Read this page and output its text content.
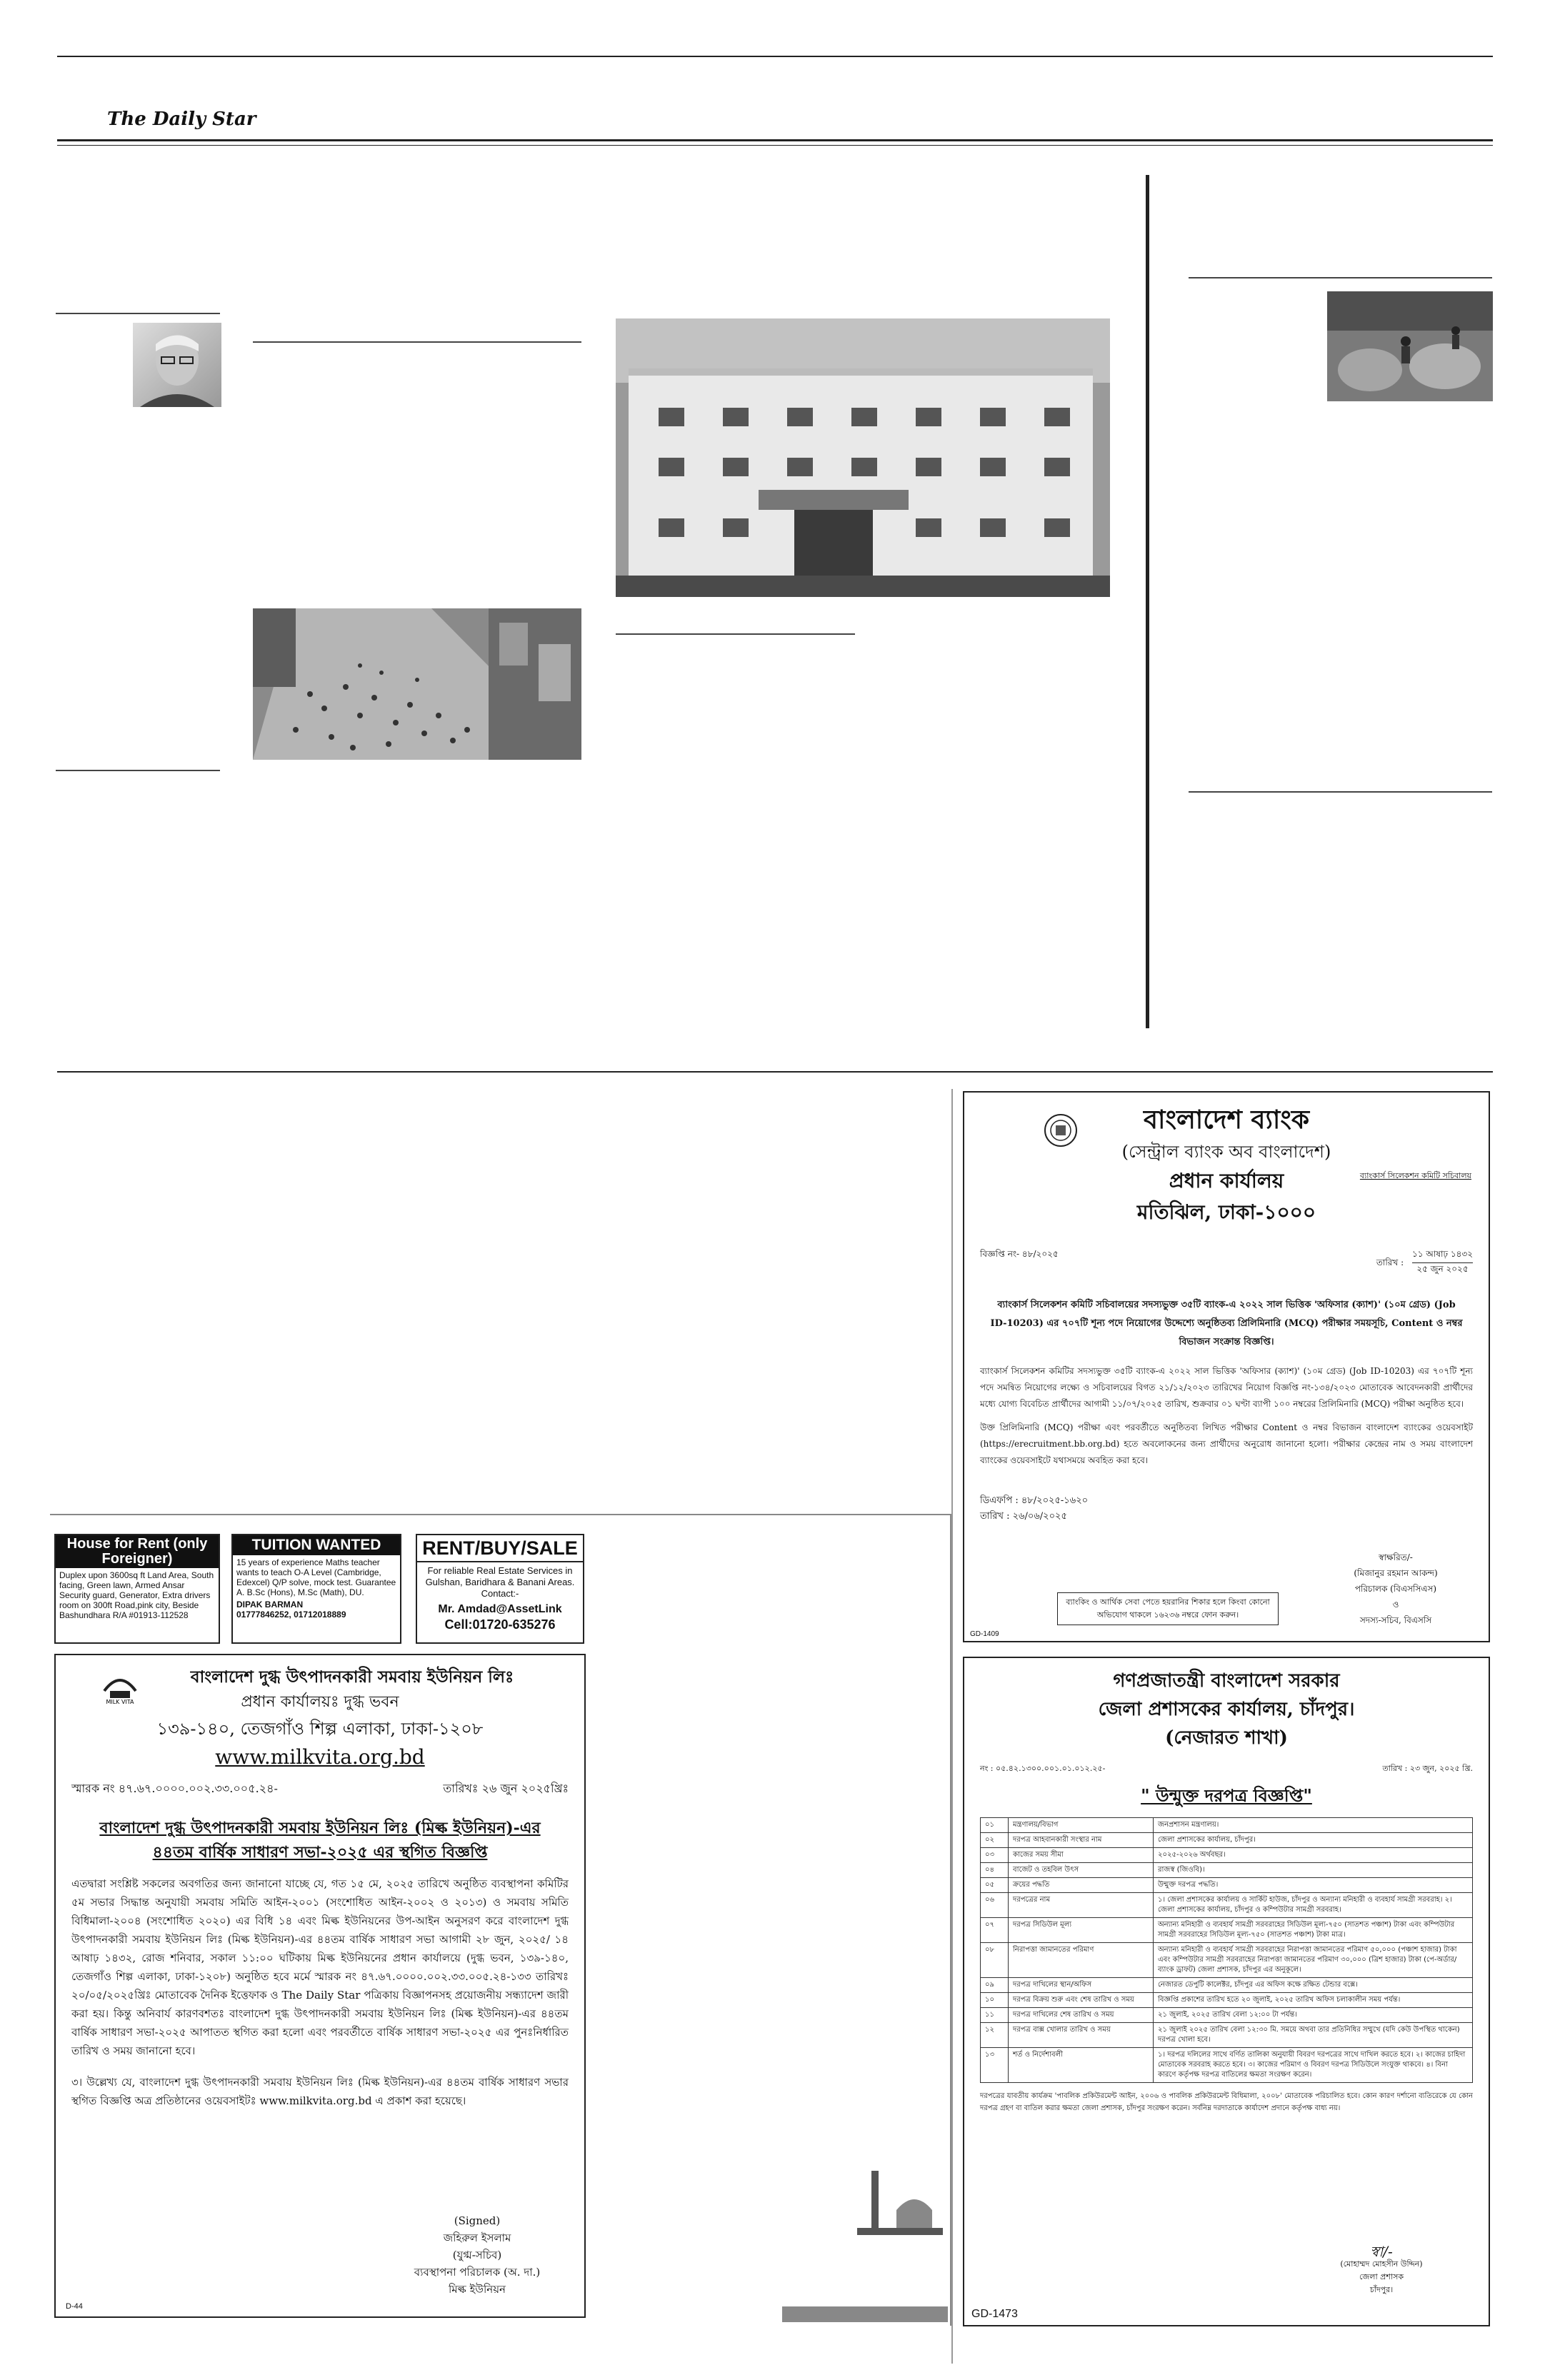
The Daily Star
House for Rent (only Foreigner)
Duplex upon 3600sq ft Land Area, South facing, Green lawn, Armed Ansar Security guard, Generator, Extra drivers room on 300ft Road,pink city, Beside Bashundhara R/A #01913-112528
TUITION WANTED
15 years of experience Maths teacher wants to teach O-A Level (Cambridge, Edexcel) Q/P solve, mock test. Guarantee A. B.Sc (Hons), M.Sc (Math), DU.
DIPAK BARMAN
01777846252, 01712018889
RENT/BUY/SALE
For reliable Real Estate Services in Gulshan, Baridhara & Banani Areas. Contact:-
Mr. Amdad@AssetLink
Cell:01720-635276
MILK VITA
বাংলাদেশ দুগ্ধ উৎপাদনকারী সমবায় ইউনিয়ন লিঃ
প্রধান কার্যালয়ঃ দুগ্ধ ভবন
১৩৯-১৪০, তেজগাঁও শিল্প এলাকা, ঢাকা-১২০৮
www.milkvita.org.bd
স্মারক নং ৪৭.৬৭.০০০০.০০২.৩৩.০০৫.২৪-	তারিখঃ ২৬ জুন ২০২৫খ্রিঃ
বাংলাদেশ দুগ্ধ উৎপাদনকারী সমবায় ইউনিয়ন লিঃ (মিল্ক ইউনিয়ন)-এর
৪৪তম বার্ষিক সাধারণ সভা-২০২৫ এর স্থগিত বিজ্ঞপ্তি
এতদ্বারা সংশ্লিষ্ট সকলের অবগতির জন্য জানানো যাচ্ছে যে, গত ১৫ মে, ২০২৫ তারিখে অনুষ্ঠিত ব্যবস্থাপনা কমিটির ৫ম সভার সিদ্ধান্ত অনুযায়ী সমবায় সমিতি আইন-২০০১ (সংশোধিত আইন-২০০২ ও ২০১৩) ও সমবায় সমিতি বিধিমালা-২০০৪ (সংশোধিত ২০২০) এর বিধি ১৪ এবং মিল্ক ইউনিয়নের উপ-আইন অনুসরণ করে বাংলাদেশ দুগ্ধ উৎপাদনকারী সমবায় ইউনিয়ন লিঃ (মিল্ক ইউনিয়ন)-এর ৪৪তম বার্ষিক সাধারণ সভা আগামী ২৮ জুন, ২০২৫/ ১৪ আষাঢ় ১৪৩২, রোজ শনিবার, সকাল ১১:০০ ঘটিকায় মিল্ক ইউনিয়নের প্রধান কার্যালয়ে (দুগ্ধ ভবন, ১৩৯-১৪০, তেজগাঁও শিল্প এলাকা, ঢাকা-১২০৮) অনুষ্ঠিত হবে মর্মে স্মারক নং ৪৭.৬৭.০০০০.০০২.৩৩.০০৫.২৪-১৩৩ তারিখঃ ২০/০৫/২০২৫খ্রিঃ মোতাবেক দৈনিক ইত্তেফাক ও The Daily Star পত্রিকায় বিজ্ঞাপনসহ প্রয়োজনীয় সন্ধ্যাদেশ জারী করা হয়। কিন্তু অনিবার্য কারণবশতঃ বাংলাদেশ দুগ্ধ উৎপাদনকারী সমবায় ইউনিয়ন লিঃ (মিল্ক ইউনিয়ন)-এর ৪৪তম বার্ষিক সাধারণ সভা-২০২৫ আপাতত স্থগিত করা হলো এবং পরবর্তীতে বার্ষিক সাধারণ সভা-২০২৫ এর পুনঃনির্ধারিত তারিখ ও সময় জানানো হবে।
৩। উল্লেখ্য যে, বাংলাদেশ দুগ্ধ উৎপাদনকারী সমবায় ইউনিয়ন লিঃ (মিল্ক ইউনিয়ন)-এর ৪৪তম বার্ষিক সাধারণ সভার স্থগিত বিজ্ঞপ্তি অত্র প্রতিষ্ঠানের ওয়েবসাইটঃ www.milkvita.org.bd এ প্রকাশ করা হয়েছে।
(Signed)
জহিরুল ইসলাম
(যুগ্ম-সচিব)
ব্যবস্থাপনা পরিচালক (অ. দা.)
মিল্ক ইউনিয়ন
D-44
বাংলাদেশ ব্যাংক
(সেন্ট্রাল ব্যাংক অব বাংলাদেশ)
প্রধান কার্যালয়
মতিঝিল, ঢাকা-১০০০
ব্যাংকার্স সিলেকশন কমিটি সচিবালয়
বিজ্ঞপ্তি নং- ৪৮/২০২৫
তারিখ :
১১ আষাঢ় ১৪৩২
২৫ জুন ২০২৫
ব্যাংকার্স সিলেকশন কমিটি সচিবালয়ের সদস্যভুক্ত ৩৫টি ব্যাংক-এ ২০২২ সাল ভিত্তিক 'অফিসার (ক্যাশ)' (১০ম গ্রেড) (Job ID-10203) এর ৭০৭টি শূন্য পদে নিয়োগের উদ্দেশ্যে অনুষ্ঠিতব্য প্রিলিমিনারি (MCQ) পরীক্ষার সময়সূচি, Content ও নম্বর বিভাজন সংক্রান্ত বিজ্ঞপ্তি।
ব্যাংকার্স সিলেকশন কমিটির সদস্যভুক্ত ৩৫টি ব্যাংক-এ ২০২২ সাল ভিত্তিক 'অফিসার (ক্যাশ)' (১০ম গ্রেড) (Job ID-10203) এর ৭০৭টি শূন্য পদে সমন্বিত নিয়োগের লক্ষ্যে ও সচিবালয়ের বিগত ২১/১২/২০২৩ তারিখের নিয়োগ বিজ্ঞপ্তি নং-১৩৪/২০২৩ মোতাবেক আবেদনকারী প্রার্থীদের মধ্যে যোগ্য বিবেচিত প্রার্থীদের আগামী ১১/০৭/২০২৫ তারিখ, শুক্রবার ০১ ঘণ্টা ব্যাপী ১০০ নম্বরের প্রিলিমিনারি (MCQ) পরীক্ষা অনুষ্ঠিত হবে।
উক্ত প্রিলিমিনারি (MCQ) পরীক্ষা এবং পরবর্তীতে অনুষ্ঠিতব্য লিখিত পরীক্ষার Content ও নম্বর বিভাজন বাংলাদেশ ব্যাংকের ওয়েবসাইট (https://erecruitment.bb.org.bd) হতে অবলোকনের জন্য প্রার্থীদের অনুরোধ জানানো হলো। পরীক্ষার কেন্দ্রের নাম ও সময় বাংলাদেশ ব্যাংকের ওয়েবসাইটে যথাসময়ে অবহিত করা হবে।
ডিএফপি : ৪৮/২০২৫-১৬২০
তারিখ : ২৬/০৬/২০২৫
স্বাক্ষরিত/-
(মিজানুর রহমান আকন্দ)
পরিচালক (বিএসসিএস)
ও
সদস্য-সচিব, বিএসসি
ব্যাংকিং ও আর্থিক সেবা পেতে হয়রানির শিকার হলে কিংবা কোনো অভিযোগ থাকলে ১৬২৩৬ নম্বরে ফোন করুন।
GD-1409
গণপ্রজাতন্ত্রী বাংলাদেশ সরকার
জেলা প্রশাসকের কার্যালয়, চাঁদপুর।
(নেজারত শাখা)
নং : ০৫.৪২.১৩০০.০০১.০১.০১২.২৫-	তারিখ : ২৩ জুন, ২০২৫ খ্রি.
" উন্মুক্ত দরপত্র বিজ্ঞপ্তি"
০১	মন্ত্রণালয়/বিভাগ	জনপ্রশাসন মন্ত্রণালয়।
০২	দরপত্র আহবানকারী সংস্থার নাম	জেলা প্রশাসকের কার্যালয়, চাঁদপুর।
০৩	কাজের সময় সীমা	২০২৫-২০২৬ অর্থবছর।
০৪	বাজেট ও তহবিল উৎস	রাজস্ব (জিওবি)।
০৫	ক্রয়ের পদ্ধতি	উন্মুক্ত দরপত্র পদ্ধতি।
০৬	দরপত্রের নাম	১। জেলা প্রশাসকের কার্যালয় ও সার্কিট হাউজ, চাঁদপুর ও অন্যান্য মনিহারী ও ব্যবহার্য সামগ্রী সরবরাহ। ২। জেলা প্রশাসকের কার্যালয়, চাঁদপুর ও কম্পিউটার সামগ্রী সরবরাহ।
০৭	দরপত্র সিডিউল মূল্য	অন্যান্য মনিহারী ও ব্যবহার্য সামগ্রী সরবরাহের সিডিউল মূল্য-৭৫০ (সাতশত পঞ্চাশ) টাকা এবং কম্পিউটার সামগ্রী সরবরাহের সিডিউল মূল্য-৭৫০ (সাতশত পঞ্চাশ) টাকা মাত্র।
০৮	নিরাপত্তা জামানতের পরিমাণ	অন্যান্য মনিহারী ও ব্যবহার্য সামগ্রী সরবরাহের নিরাপত্তা জামানতের পরিমাণ ৫০,০০০ (পঞ্চাশ হাজার) টাকা এবং কম্পিউটার সামগ্রী সরবরাহের নিরাপত্তা জামানতের পরিমাণ ৩০,০০০ (ত্রিশ হাজার) টাকা (পে-অর্ডার/ ব্যাংক ড্রাফট) জেলা প্রশাসক, চাঁদপুর এর অনুকূলে।
০৯	দরপত্র দাখিলের স্থান/অফিস	নেজারত ডেপুটি কালেক্টর, চাঁদপুর এর অফিস কক্ষে রক্ষিত টেন্ডার বক্সে।
১০	দরপত্র বিক্রয় শুরু এবং শেষ তারিখ ও সময়	বিজ্ঞপ্তি প্রকাশের তারিখ হতে ২০ জুলাই, ২০২৫ তারিখ অফিস চলাকালীন সময় পর্যন্ত।
১১	দরপত্র দাখিলের শেষ তারিখ ও সময়	২১ জুলাই, ২০২৫ তারিখ বেলা ১২:০০ টা পর্যন্ত।
১২	দরপত্র বাক্স খোলার তারিখ ও সময়	২১ জুলাই ২০২৫ তারিখ বেলা ১২:৩০ মি. সময়ে অথবা তার প্রতিনিধির সম্মুখে (যদি কেউ উপস্থিত থাকেন) দরপত্র খোলা হবে।
১৩	শর্ত ও নির্দেশাবলী	১। দরপত্র দলিলের সাথে বর্ণিত তালিকা অনুযায়ী বিবরণ দরপত্রের সাথে দাখিল করতে হবে। ২। কাজের চাহিদা মোতাবেক সরবরাহ করতে হবে। ৩। কাজের পরিমাণ ও বিবরণ দরপত্র সিডিউলে সংযুক্ত থাকবে। ৪। বিনা কারণে কর্তৃপক্ষ দরপত্র বাতিলের ক্ষমতা সংরক্ষণ করেন।
দরপত্রের যাবতীয় কার্যক্রম 'পাবলিক প্রকিউরমেন্ট আইন, ২০০৬ ও পাবলিক প্রকিউরমেন্ট বিধিমালা, ২০০৮' মোতাবেক পরিচালিত হবে। কোন কারণ দর্শানো ব্যতিরেকে যে কোন দরপত্র গ্রহণ বা বাতিল করার ক্ষমতা জেলা প্রশাসক, চাঁদপুর সংরক্ষণ করেন। সর্বনিম্ন দরদাতাকে কার্যাদেশ প্রদানে কর্তৃপক্ষ বাধ্য নয়।
স্বা/-
(মোহাম্মদ মোহসীন উদ্দিন)
জেলা প্রশাসক
চাঁদপুর।
GD-1473
